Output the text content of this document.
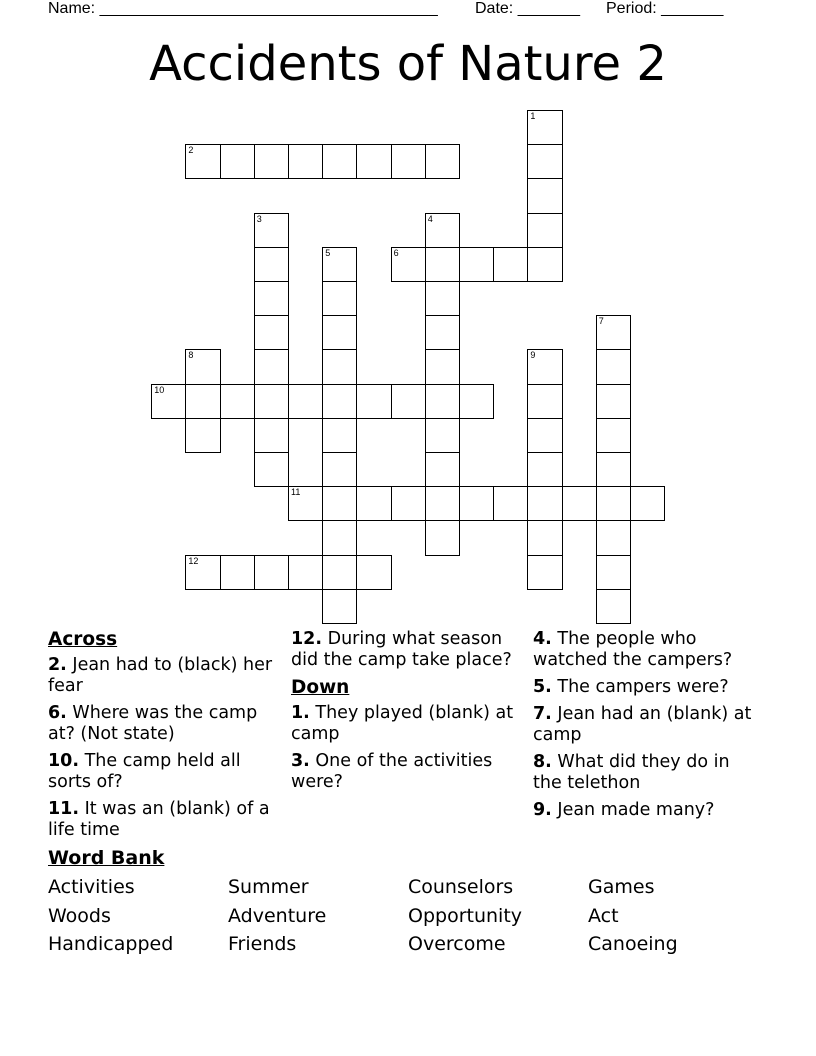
Name: ______________________________________ Date: _______ Period: _______
Accidents of Nature 2
1
2
3	4
5	6
7
8	9
10
11
12
Across
2. Jean had to (black) her fear
6. Where was the camp at? (Not state)
10. The camp held all sorts of?
11. It was an (blank) of a life time
12. During what season did the camp take place?
Down
1. They played (blank) at camp
3. One of the activities were?
4. The people who watched the campers?
5. The campers were?
7. Jean had an (blank) at camp
8. What did they do in the telethon
9. Jean made many?
Word Bank
Activities	Summer	Counselors	Games
Woods	Adventure	Opportunity	Act
Handicapped	Friends	Overcome	Canoeing
